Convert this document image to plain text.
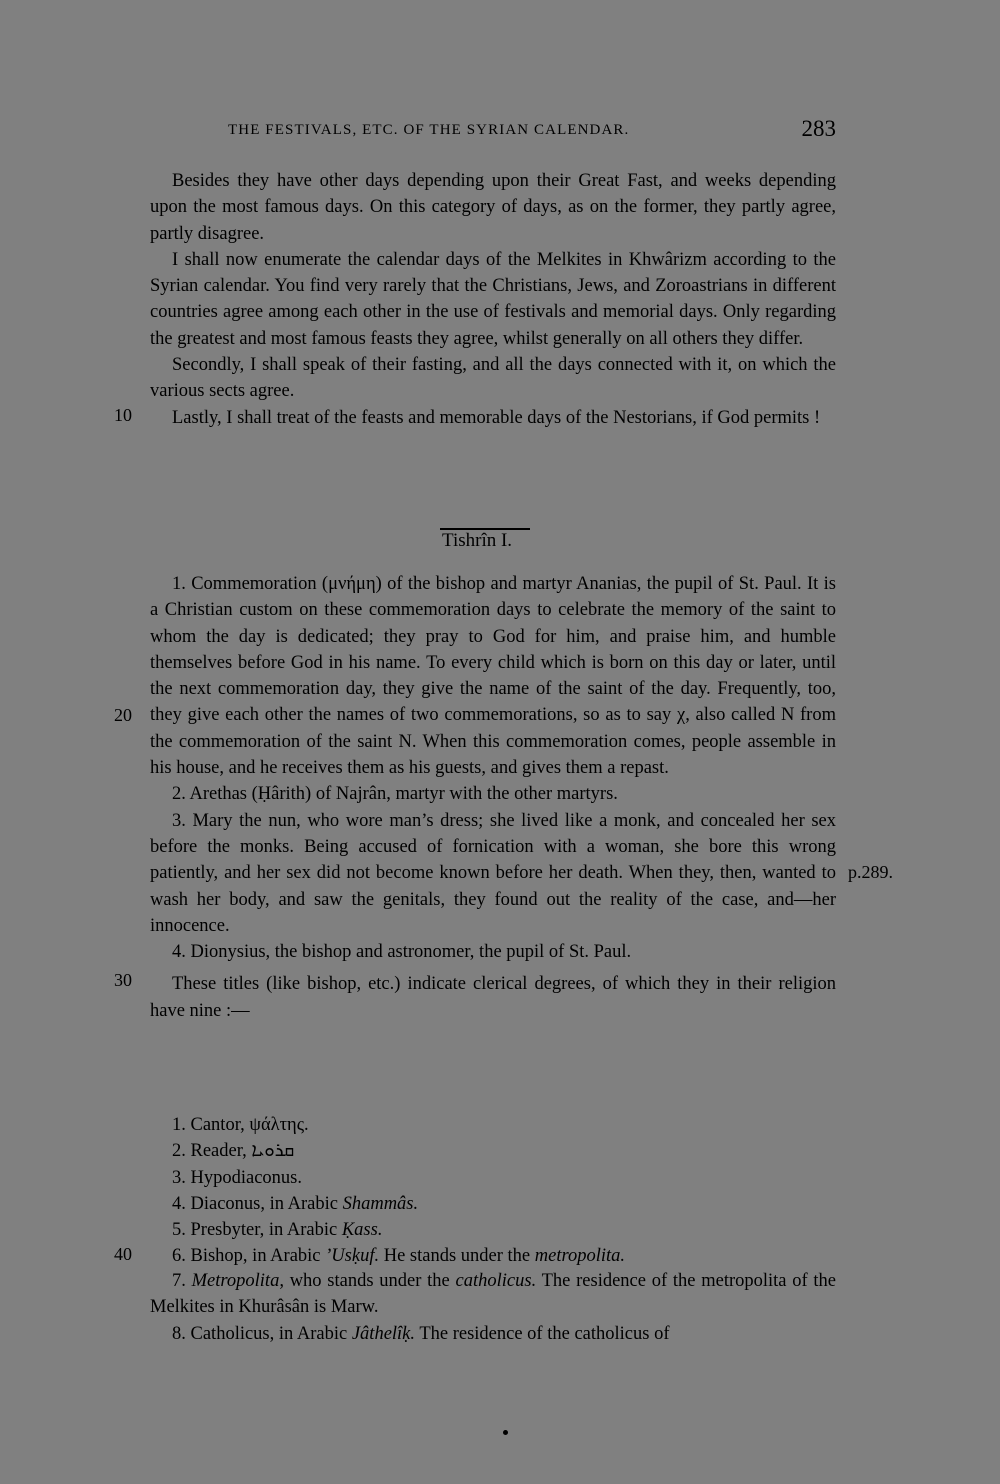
THE FESTIVALS, ETC. OF THE SYRIAN CALENDAR.	283

Besides they have other days depending upon their Great Fast, and weeks depending upon the most famous days. On this category of days, as on the former, they partly agree, partly disagree.

I shall now enumerate the calendar days of the Melkites in Khwârizm according to the Syrian calendar. You find very rarely that the Christians, Jews, and Zoroastrians in different countries agree among each other in the use of festivals and memorial days. Only regarding the greatest and most famous feasts they agree, whilst generally on all others they differ.

Secondly, I shall speak of their fasting, and all the days connected with it, on which the various sects agree.

Lastly, I shall treat of the feasts and memorable days of the Nestorians, if God permits !

Tishrîn I.

1. Commemoration (μνήμη) of the bishop and martyr Ananias, the pupil of St. Paul. It is a Christian custom on these commemoration days to celebrate the memory of the saint to whom the day is dedicated; they pray to God for him, and praise him, and humble themselves before God in his name. To every child which is born on this day or later, until the next commemoration day, they give the name of the saint of the day. Frequently, too, they give each other the names of two commemorations, so as to say χ, also called N from the commemoration of the saint N. When this commemoration comes, people assemble in his house, and he receives them as his guests, and gives them a repast.

2. Arethas (Ḥârith) of Najrân, martyr with the other martyrs.

3. Mary the nun, who wore man’s dress; she lived like a monk, and concealed her sex before the monks. Being accused of fornication with a woman, she bore this wrong patiently, and her sex did not become known before her death. When they, then, wanted to wash her body, and saw the genitals, they found out the reality of the case, and—her innocence.

4. Dionysius, the bishop and astronomer, the pupil of St. Paul.

These titles (like bishop, etc.) indicate clerical degrees, of which they in their religion have nine :—

1. Cantor, ψάλτης.
2. Reader, ܩܪܘܝܐ
3. Hypodiaconus.
4. Diaconus, in Arabic Shammâs.
5. Presbyter, in Arabic Ḳass.
6. Bishop, in Arabic ’Usḳuf. He stands under the metropolita.

7. Metropolita, who stands under the catholicus. The residence of the metropolita of the Melkites in Khurâsân is Marw.

8. Catholicus, in Arabic Jâthelîḳ. The residence of the catholicus of

10
20
30
40
p.289.
